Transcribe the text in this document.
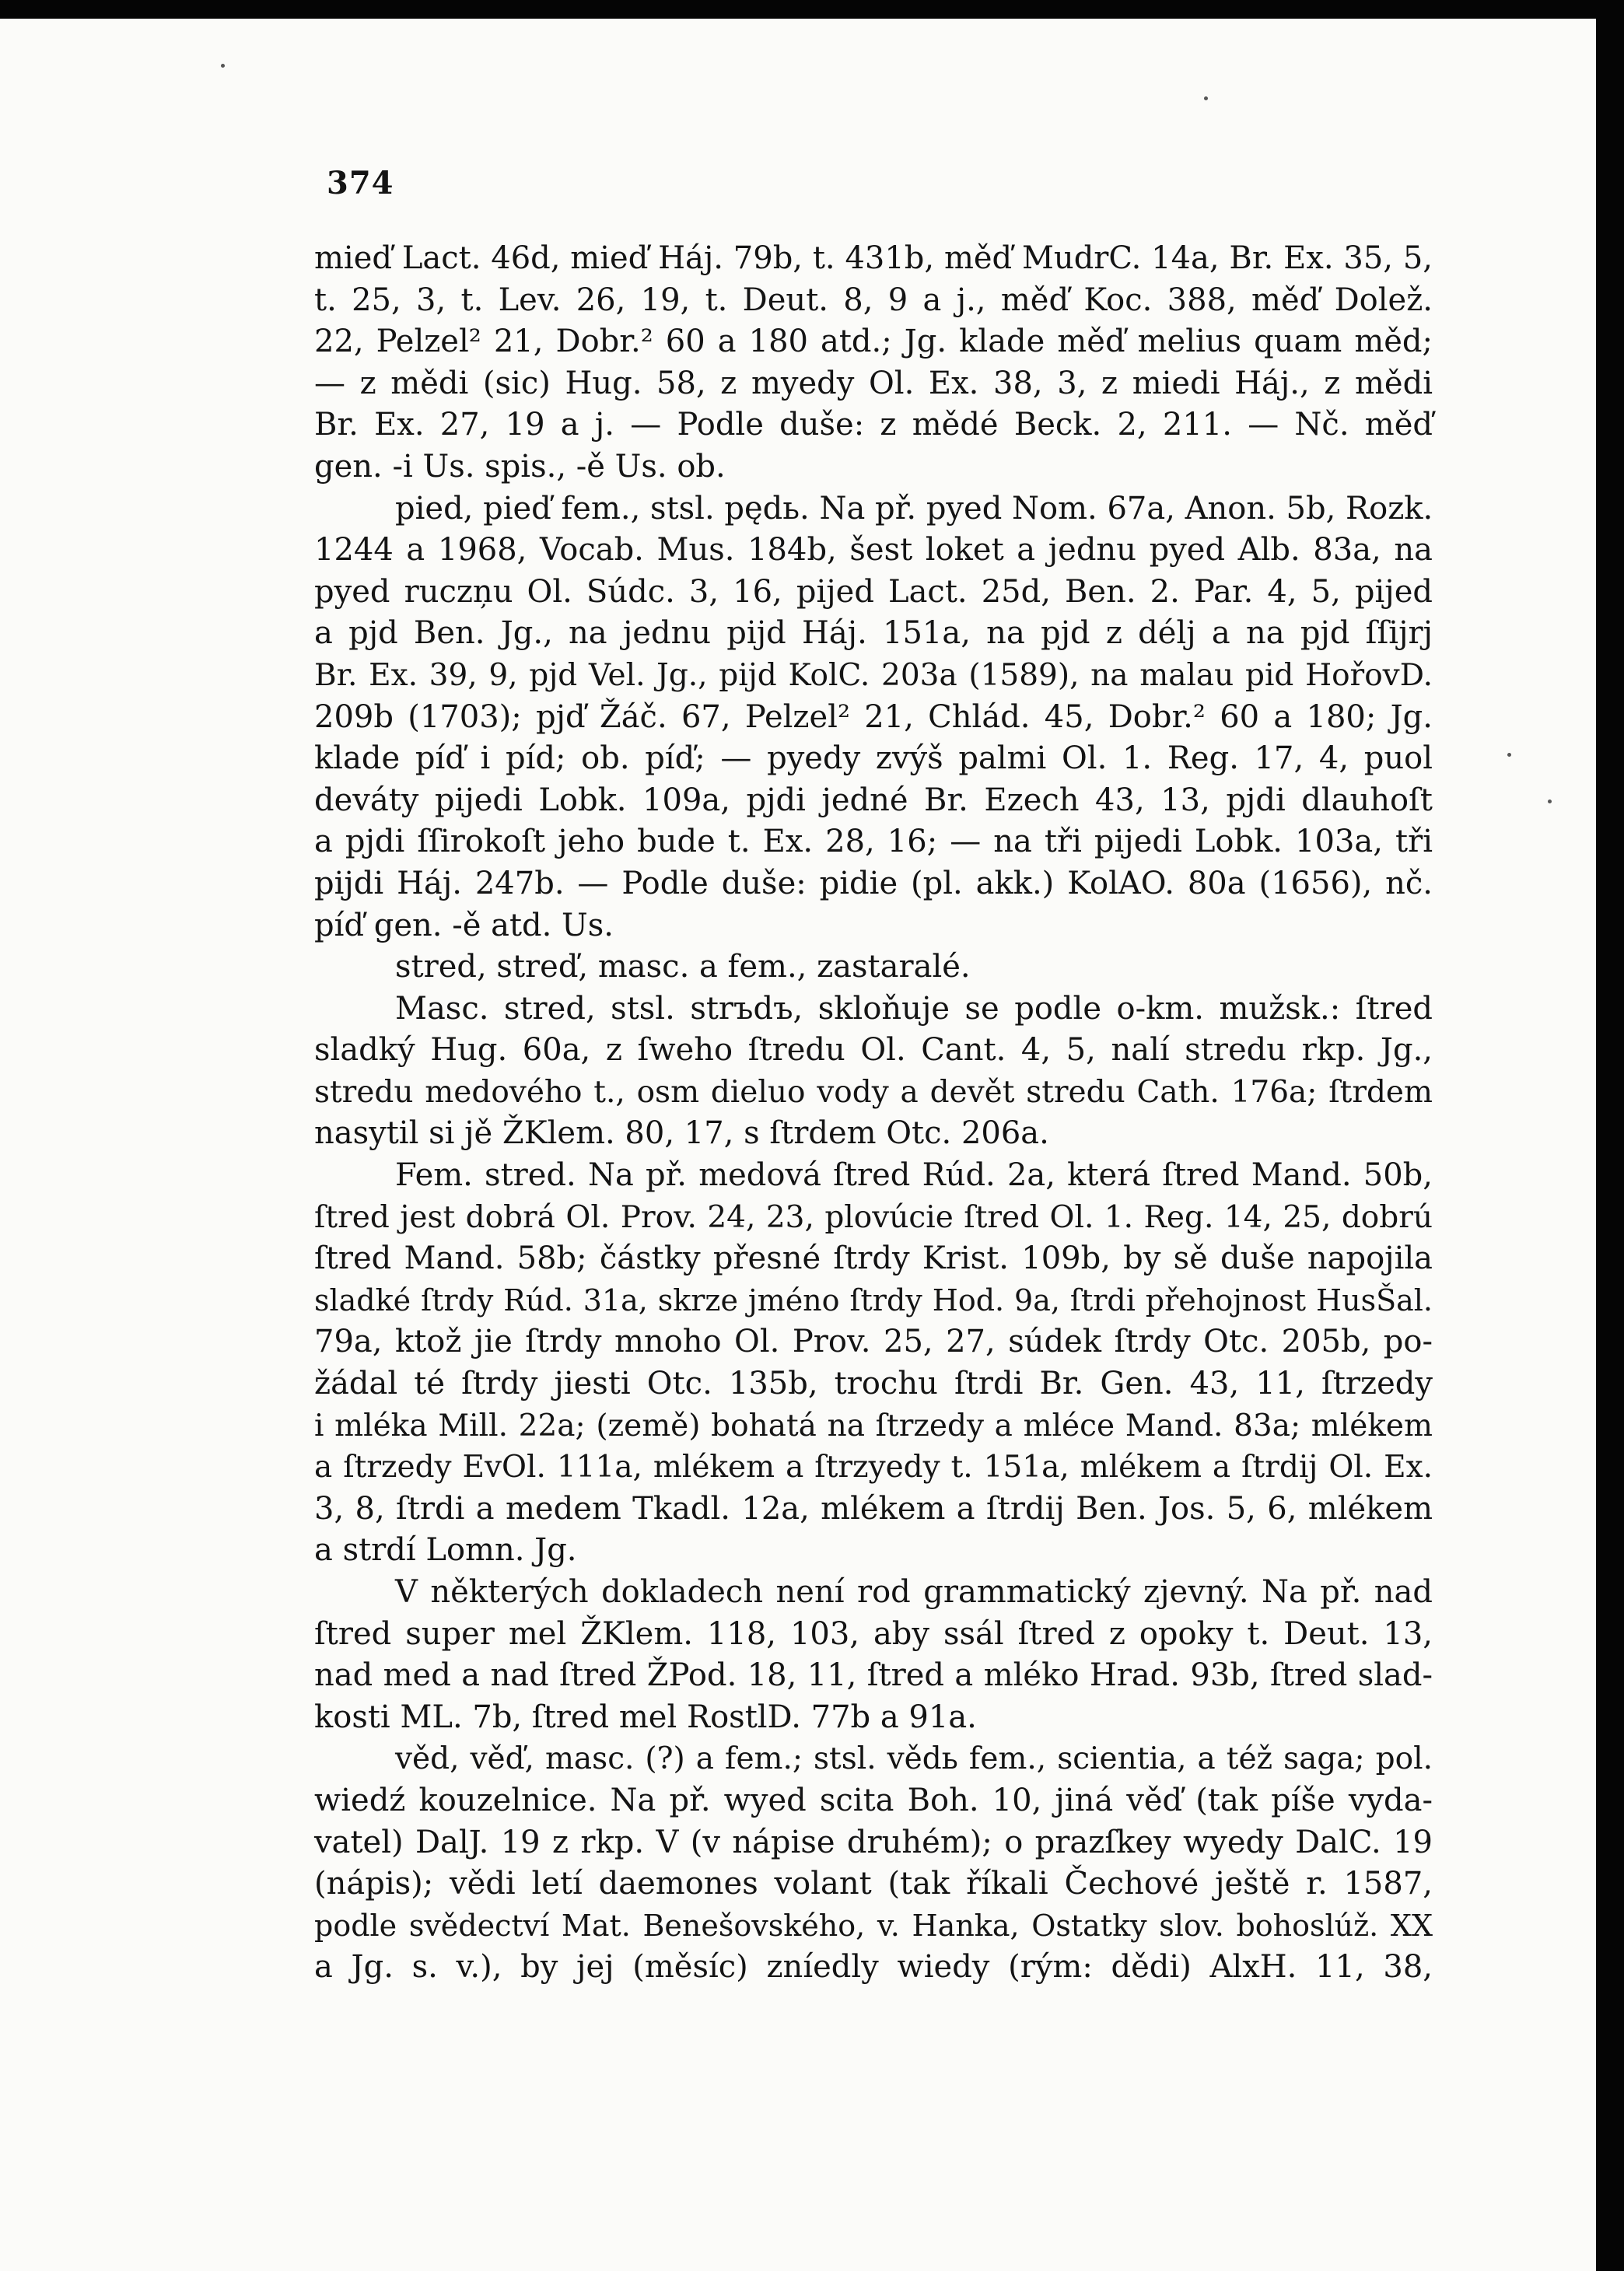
374
mieď Lact. 46d, mieď Háj. 79b, t. 431b, měď MudrC. 14a, Br. Ex. 35, 5,
t. 25, 3, t. Lev. 26, 19, t. Deut. 8, 9 a j., měď Koc. 388, měď Dolež.
22, Pelzel² 21, Dobr.² 60 a 180 atd.; Jg. klade měď melius quam měd;
— z mědi (sic) Hug. 58, z myedy Ol. Ex. 38, 3, z miedi Háj., z mědi
Br. Ex. 27, 19 a j. — Podle duše: z mědé Beck. 2, 211. — Nč. měď
gen. -i Us. spis., -ě Us. ob.
pied, pieď fem., stsl. pędь. Na př. pyed Nom. 67a, Anon. 5b, Rozk.
1244 a 1968, Vocab. Mus. 184b, šest loket a jednu pyed Alb. 83a, na
pyed ruczņu Ol. Súdc. 3, 16, pijed Lact. 25d, Ben. 2. Par. 4, 5, pijed
a pjd Ben. Jg., na jednu pijd Háj. 151a, na pjd z délj a na pjd ſſijrj
Br. Ex. 39, 9, pjd Vel. Jg., pijd KolC. 203a (1589), na malau pid HořovD.
209b (1703); pjď Žáč. 67, Pelzel² 21, Chlád. 45, Dobr.² 60 a 180; Jg.
klade píď i píd; ob. píď; — pyedy zvýš palmi Ol. 1. Reg. 17, 4, puol
deváty pijedi Lobk. 109a, pjdi jedné Br. Ezech 43, 13, pjdi dlauhoſt
a pjdi ſſirokoſt jeho bude t. Ex. 28, 16; — na tři pijedi Lobk. 103a, tři
pijdi Háj. 247b. — Podle duše: pidie (pl. akk.) KolAO. 80a (1656), nč.
píď gen. -ě atd. Us.
stred, streď, masc. a fem., zastaralé.
Masc. stred, stsl. strъdъ, skloňuje se podle o-km. mužsk.: ſtred
sladký Hug. 60a, z ſweho ſtredu Ol. Cant. 4, 5, nalí stredu rkp. Jg.,
stredu medového t., osm dieluo vody a devět stredu Cath. 176a; ſtrdem
nasytil si jě ŽKlem. 80, 17, s ſtrdem Otc. 206a.
Fem. stred. Na př. medová ſtred Rúd. 2a, která ſtred Mand. 50b,
ſtred jest dobrá Ol. Prov. 24, 23, plovúcie ſtred Ol. 1. Reg. 14, 25, dobrú
ſtred Mand. 58b; částky přesné ſtrdy Krist. 109b, by sě duše napojila
sladké ſtrdy Rúd. 31a, skrze jméno ſtrdy Hod. 9a, ſtrdi přehojnost HusŠal.
79a, ktož jie ſtrdy mnoho Ol. Prov. 25, 27, súdek ſtrdy Otc. 205b, po-
žádal té ſtrdy jiesti Otc. 135b, trochu ſtrdi Br. Gen. 43, 11, ſtrzedy
i mléka Mill. 22a; (země) bohatá na ſtrzedy a mléce Mand. 83a; mlékem
a ſtrzedy EvOl. 111a, mlékem a ſtrzyedy t. 151a, mlékem a ſtrdij Ol. Ex.
3, 8, ſtrdi a medem Tkadl. 12a, mlékem a ſtrdij Ben. Jos. 5, 6, mlékem
a strdí Lomn. Jg.
V některých dokladech není rod grammatický zjevný. Na př. nad
ſtred super mel ŽKlem. 118, 103, aby ssál ſtred z opoky t. Deut. 13,
nad med a nad ſtred ŽPod. 18, 11, ſtred a mléko Hrad. 93b, ſtred slad-
kosti ML. 7b, ſtred mel RostlD. 77b a 91a.
věd, věď, masc. (?) a fem.; stsl. vědь fem., scientia, a též saga; pol.
wiedź kouzelnice. Na př. wyed scita Boh. 10, jiná věď (tak píše vyda-
vatel) DalJ. 19 z rkp. V (v nápise druhém); o prazſkey wyedy DalC. 19
(nápis); vědi letí daemones volant (tak říkali Čechové ještě r. 1587,
podle svědectví Mat. Benešovského, v. Hanka, Ostatky slov. bohoslúž. XX
a Jg. s. v.), by jej (měsíc) zníedly wiedy (rým: dědi) AlxH. 11, 38,
